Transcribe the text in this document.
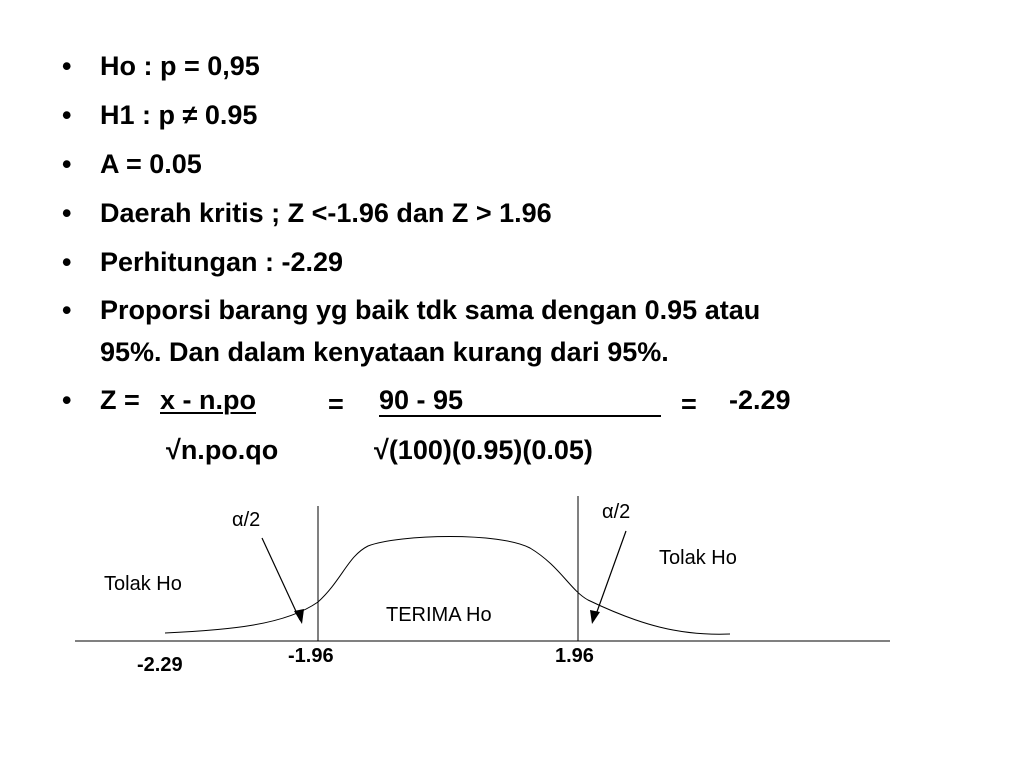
• Ho : p = 0,95
• H1 : p ≠ 0.95
• A = 0.05
• Daerah kritis ; Z <-1.96 dan Z > 1.96
• Perhitungan : -2.29
• Proporsi barang yg baik tdk sama dengan 0.95 atau
95%. Dan dalam kenyataan kurang dari 95%.
• Z = x - n.po	= 90 - 95	= -2.29
√n.po.qo	√(100)(0.95)(0.05)
α/2	α/2
Tolak Ho
Tolak Ho
TERIMA Ho
-2.29	-1.96	1.96
